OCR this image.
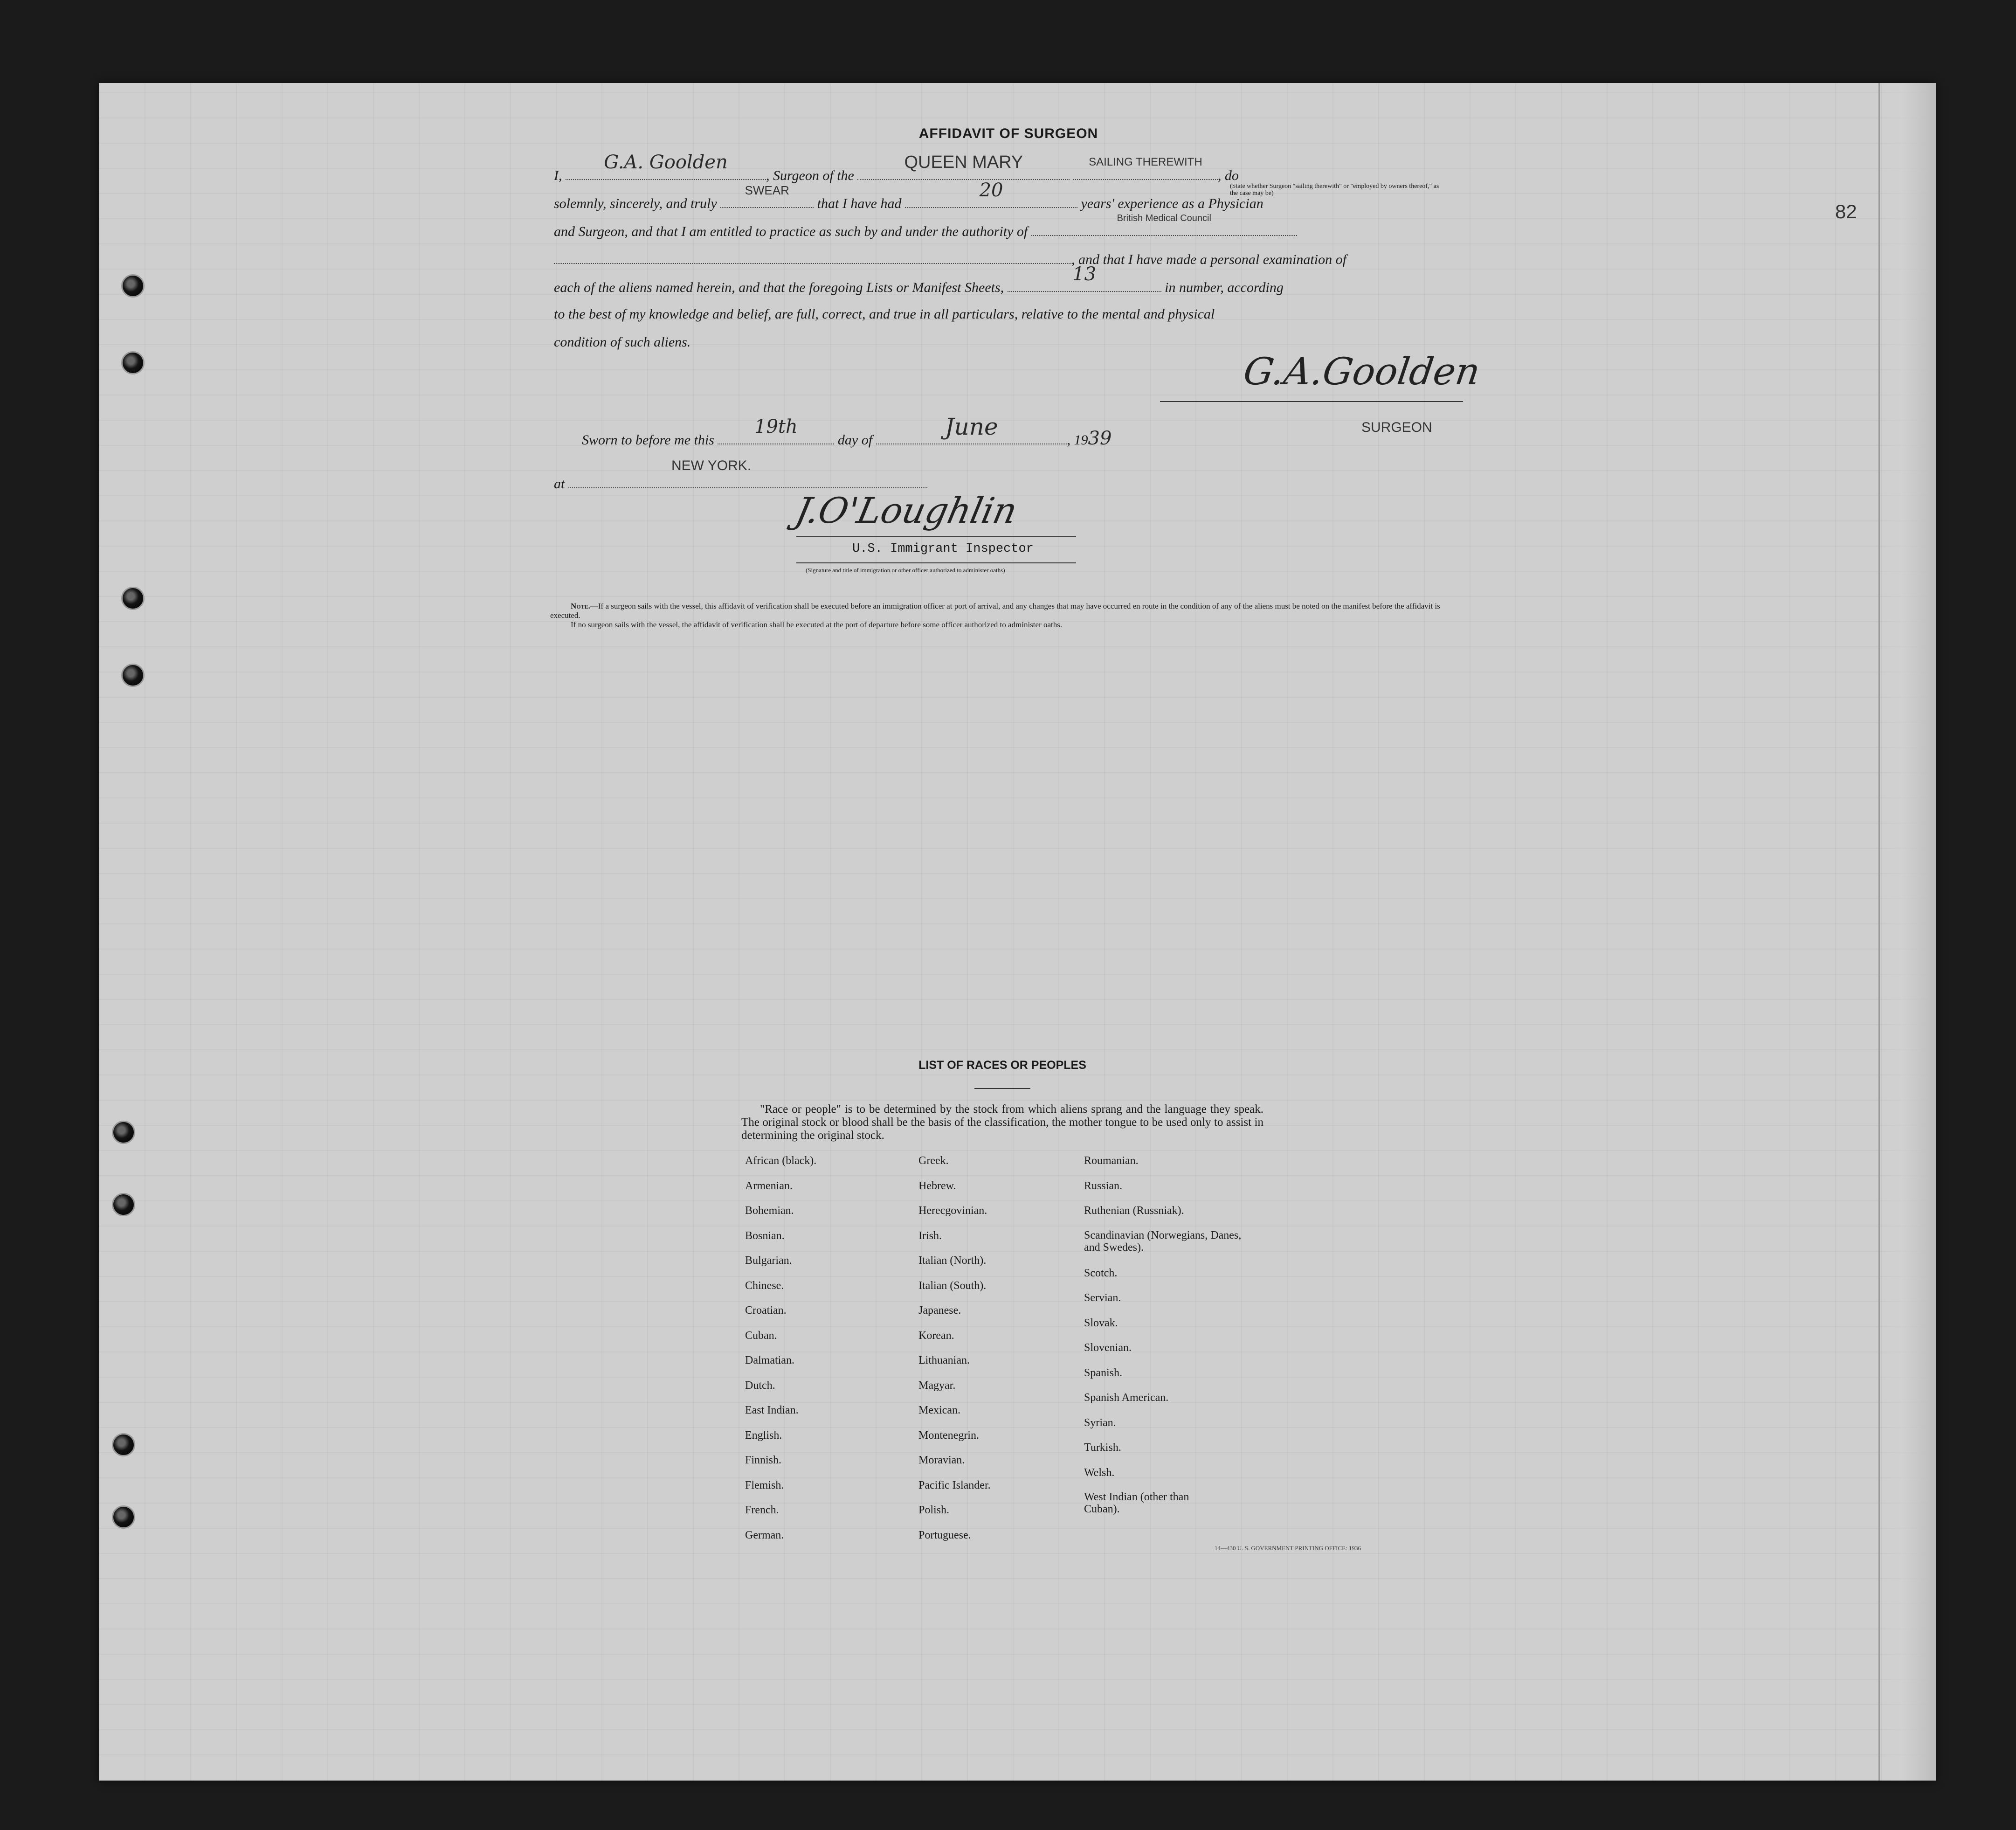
82
AFFIDAVIT OF SURGEON
I,
G.A. Goolden
, Surgeon of the
QUEEN MARY
	SAILING THEREWITH
, do
(State whether Surgeon "sailing therewith" or "employed by owners thereof," as the case may be)
solemnly, sincerely, and truly
SWEAR
that I have had
20
years' experience as a Physician
and Surgeon, and that I am entitled to practice as such by and under the authority of
British Medical Council
, and that I have made a personal examination of
each of the aliens named herein, and that the foregoing Lists or Manifest Sheets,
13
in number, according
to the best of my knowledge and belief, are full, correct, and true in all particulars, relative to the mental and physical
condition of such aliens.
G.A.Goolden
SURGEON
Sworn to before me this
19th
day of	June	, 1939
NEW YORK.
at
J.O'Loughlin
U.S. Immigrant Inspector
(Signature and title of immigration or other officer authorized to administer oaths)
Note.—If a surgeon sails with the vessel, this affidavit of verification shall be executed before an immigration officer at port of arrival, and any changes that may have occurred en route in the condition of any of the aliens must be noted on the manifest before the affidavit is executed.
If no surgeon sails with the vessel, the affidavit of verification shall be executed at the port of departure before some officer authorized to administer oaths.
LIST OF RACES OR PEOPLES
"Race or people" is to be determined by the stock from which aliens sprang and the language they speak. The original stock or blood shall be the basis of the classification, the mother tongue to be used only to assist in determining the original stock.
African (black).
Armenian.
Bohemian.
Bosnian.
Bulgarian.
Chinese.
Croatian.
Cuban.
Dalmatian.
Dutch.
East Indian.
English.
Finnish.
Flemish.
French.
German.
Greek.
Hebrew.
Herecgovinian.
Irish.
Italian (North).
Italian (South).
Japanese.
Korean.
Lithuanian.
Magyar.
Mexican.
Montenegrin.
Moravian.
Pacific Islander.
Polish.
Portuguese.
Roumanian.
Russian.
Ruthenian (Russniak).
Scandinavian (Norwegians, Danes, and Swedes).
Scotch.
Servian.
Slovak.
Slovenian.
Spanish.
Spanish American.
Syrian.
Turkish.
Welsh.
West Indian (other than Cuban).
14—430 U. S. GOVERNMENT PRINTING OFFICE: 1936
